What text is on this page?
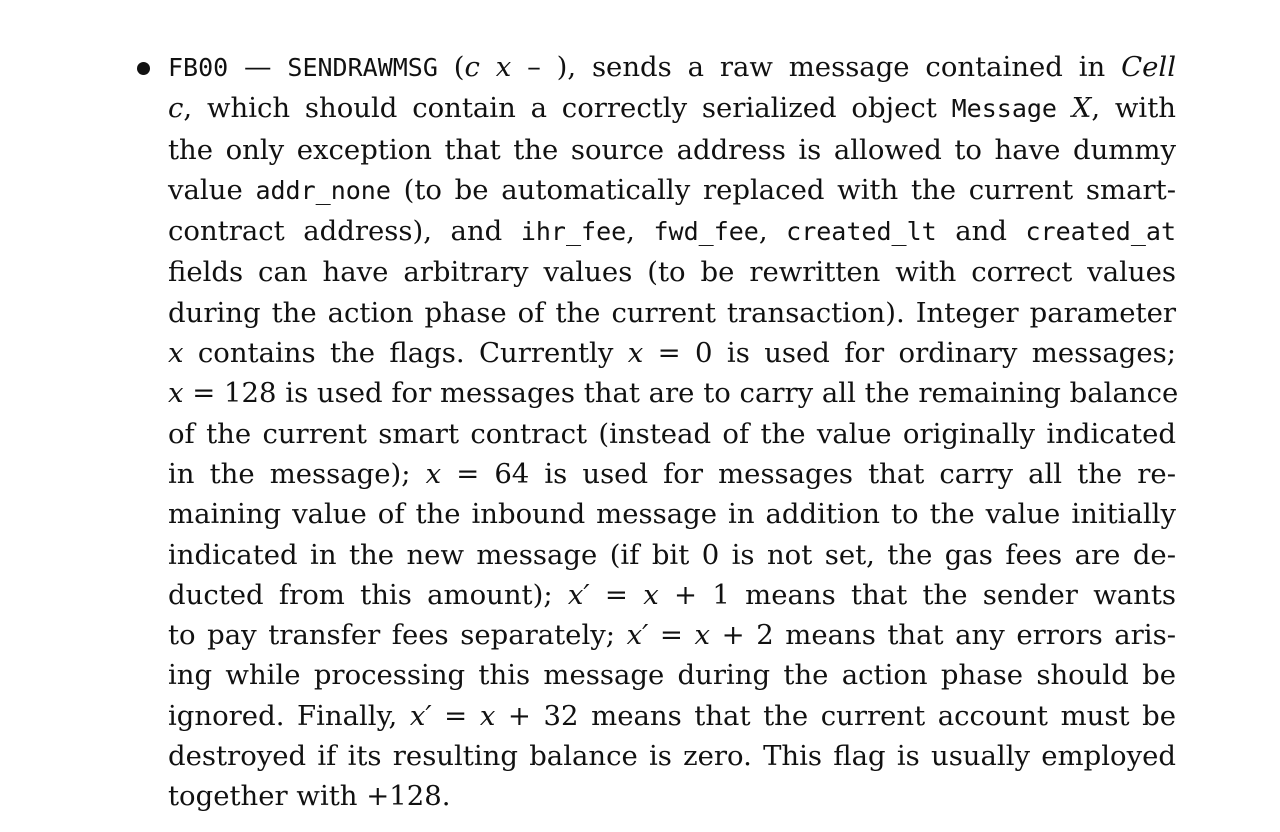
FB00 — SENDRAWMSG (c x – ), sends a raw message contained in Cell
c, which should contain a correctly serialized object Message X, with
the only exception that the source address is allowed to have dummy
value addr_none (to be automatically replaced with the current smart-
contract address), and ihr_fee, fwd_fee, created_lt and created_at
fields can have arbitrary values (to be rewritten with correct values
during the action phase of the current transaction). Integer parameter
x contains the flags. Currently x = 0 is used for ordinary messages;
x = 128 is used for messages that are to carry all the remaining balance
of the current smart contract (instead of the value originally indicated
in the message); x = 64 is used for messages that carry all the re-
maining value of the inbound message in addition to the value initially
indicated in the new message (if bit 0 is not set, the gas fees are de-
ducted from this amount); x′ = x + 1 means that the sender wants
to pay transfer fees separately; x′ = x + 2 means that any errors aris-
ing while processing this message during the action phase should be
ignored. Finally, x′ = x + 32 means that the current account must be
destroyed if its resulting balance is zero. This flag is usually employed
together with +128.
